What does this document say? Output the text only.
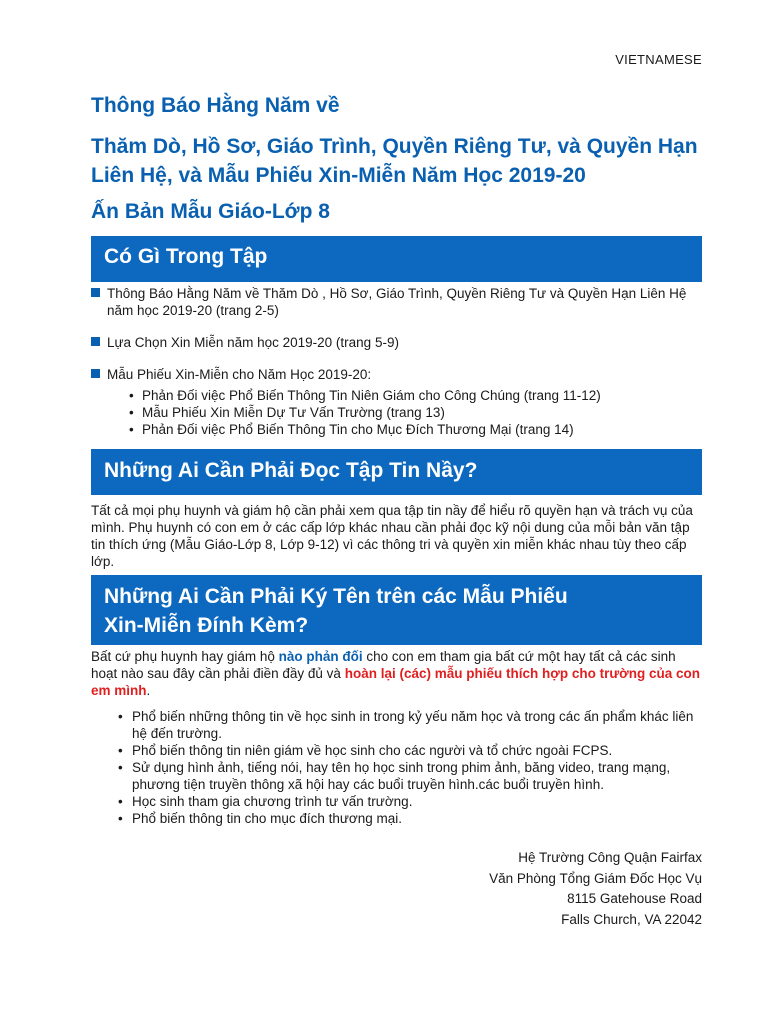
VIETNAMESE
Thông Báo Hằng Năm về
Thăm Dò, Hồ Sơ, Giáo Trình, Quyền Riêng Tư, và Quyền Hạn Liên Hệ, và Mẫu Phiếu Xin-Miễn Năm Học 2019-20
Ấn Bản Mẫu Giáo-Lớp 8
Có Gì Trong Tập
Thông Báo Hằng Năm về Thăm Dò , Hồ Sơ, Giáo Trình, Quyền Riêng Tư và Quyền Hạn Liên Hệ năm học 2019-20 (trang 2-5)
Lựa Chọn Xin Miễn năm học 2019-20 (trang 5-9)
Mẫu Phiếu Xin-Miễn cho Năm Học 2019-20:
• Phản Đối việc Phổ Biến Thông Tin Niên Giám cho Công Chúng (trang 11-12)
• Mẫu Phiếu Xin Miễn Dự Tư Vấn Trường (trang 13)
• Phản Đối việc Phổ Biến Thông Tin cho Mục Đích Thương Mại (trang 14)
Những Ai Cần Phải Đọc Tập Tin Nầy?
Tất cả mọi phụ huynh và giám hộ cần phải xem qua tập tin nầy để hiểu rõ quyền hạn và trách vụ của mình. Phụ huynh có con em ở các cấp lớp khác nhau cần phải đọc kỹ nội dung của mỗi bản văn tập tin thích ứng (Mẫu Giáo-Lớp 8, Lớp 9-12) vì các thông tri và quyền xin miễn khác nhau tùy theo cấp lớp.
Những Ai Cần Phải Ký Tên trên các Mẫu Phiếu
Xin-Miễn Đính Kèm?
Bất cứ phụ huynh hay giám hộ nào phản đối cho con em tham gia bất cứ một hay tất cả các sinh hoạt nào sau đây cần phải điền đầy đủ và hoàn lại (các) mẫu phiếu thích hợp cho trường của con em mình.
• Phổ biến những thông tin về học sinh in trong kỷ yếu năm học và trong các ấn phẩm khác liên hệ đến trường.
• Phổ biến thông tin niên giám về học sinh cho các người và tổ chức ngoài FCPS.
• Sử dụng hình ảnh, tiếng nói, hay tên họ học sinh trong phim ảnh, băng video, trang mạng, phương tiện truyền thông xã hội hay các buổi truyền hình.các buổi truyền hình.
• Học sinh tham gia chương trình tư vấn trường.
• Phổ biến thông tin cho mục đích thương mại.
Hệ Trường Công Quận Fairfax
Văn Phòng Tổng Giám Đốc Học Vụ
8115 Gatehouse Road
Falls Church, VA 22042
